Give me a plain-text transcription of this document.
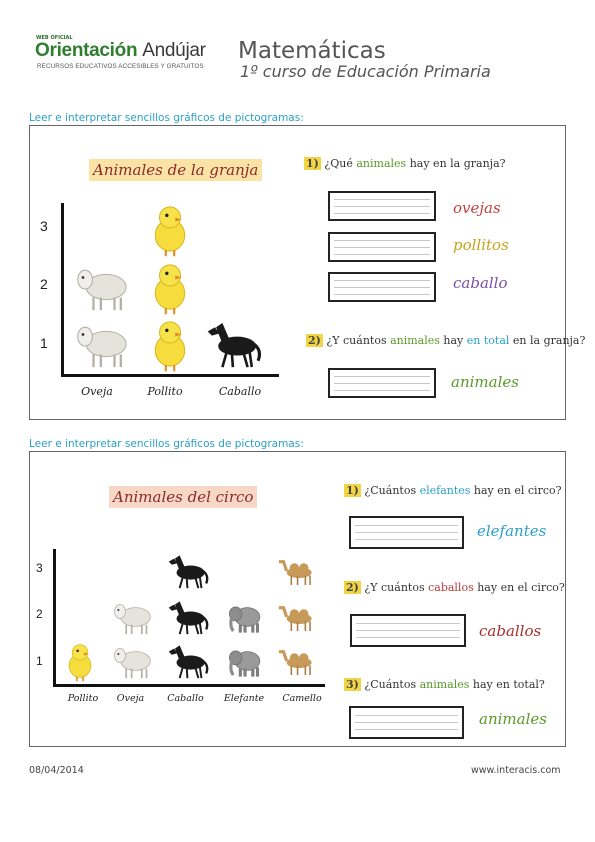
WEB OFICIAL
Orientación Andújar
RECURSOS EDUCATIVOS ACCESIBLES Y GRATUITOS
Matemáticas
1º curso de Educación Primaria
Leer e interpretar sencillos gráficos de pictogramas:
Animales de la granja
3
2
1
Oveja	Pollito	Caballo
1) ¿Qué animales hay en la granja?
ovejas
pollitos
caballo
2) ¿Y cuántos animales hay en total en la granja?
animales
Leer e interpretar sencillos gráficos de pictogramas:
Animales del circo
3
2
1
Pollito	Oveja	Caballo	Elefante	Camello
1) ¿Cuántos elefantes hay en el circo?
elefantes
2) ¿Y cuántos caballos hay en el circo?
caballos
3) ¿Cuántos animales hay en total?
animales
08/04/2014	www.interacis.com
